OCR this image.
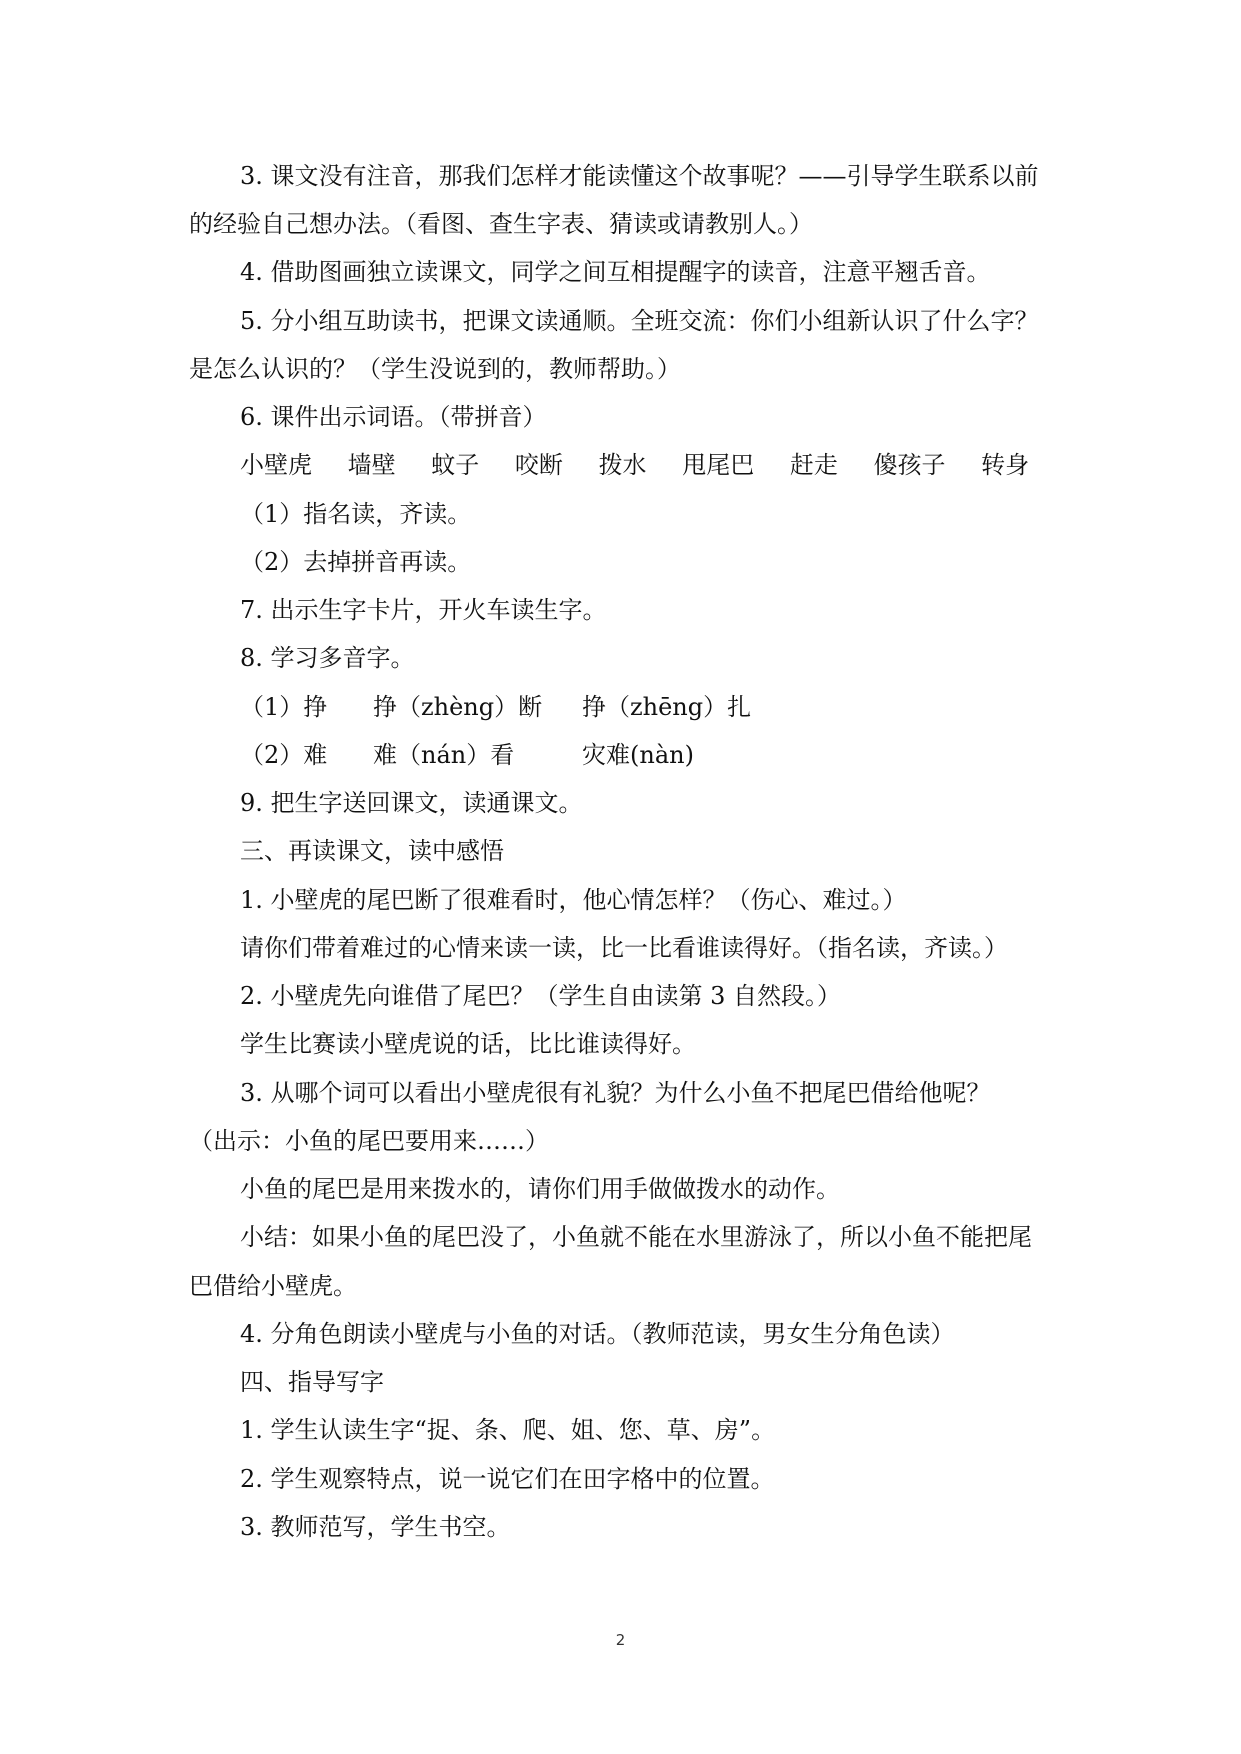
3. 课文没有注音，那我们怎样才能读懂这个故事呢？——引导学生联系以前
的经验自己想办法。（看图、查生字表、猜读或请教别人。）
4. 借助图画独立读课文，同学之间互相提醒字的读音，注意平翘舌音。
5. 分小组互助读书，把课文读通顺。全班交流：你们小组新认识了什么字？
是怎么认识的？（学生没说到的，教师帮助。）
6. 课件出示词语。（带拼音）
小壁虎 墙壁 蚊子 咬断 拨水 甩尾巴 赶走 傻孩子 转身
（1）指名读，齐读。
（2）去掉拼音再读。
7. 出示生字卡片，开火车读生字。
8. 学习多音字。
（1）挣 挣（zhèng）断 挣（zhēng）扎
（2）难 难（nán）看	灾难(nàn)
9. 把生字送回课文，读通课文。
三、再读课文，读中感悟
1. 小壁虎的尾巴断了很难看时，他心情怎样？（伤心、难过。）
请你们带着难过的心情来读一读，比一比看谁读得好。（指名读，齐读。）
2. 小壁虎先向谁借了尾巴？（学生自由读第 3 自然段。）
学生比赛读小壁虎说的话，比比谁读得好。
3. 从哪个词可以看出小壁虎很有礼貌？为什么小鱼不把尾巴借给他呢？
（出示：小鱼的尾巴要用来……）
小鱼的尾巴是用来拨水的，请你们用手做做拨水的动作。
小结：如果小鱼的尾巴没了，小鱼就不能在水里游泳了，所以小鱼不能把尾
巴借给小壁虎。
4. 分角色朗读小壁虎与小鱼的对话。（教师范读，男女生分角色读）
四、指导写字
1. 学生认读生字“捉、条、爬、姐、您、草、房”。
2. 学生观察特点，说一说它们在田字格中的位置。
3. 教师范写，学生书空。
2
